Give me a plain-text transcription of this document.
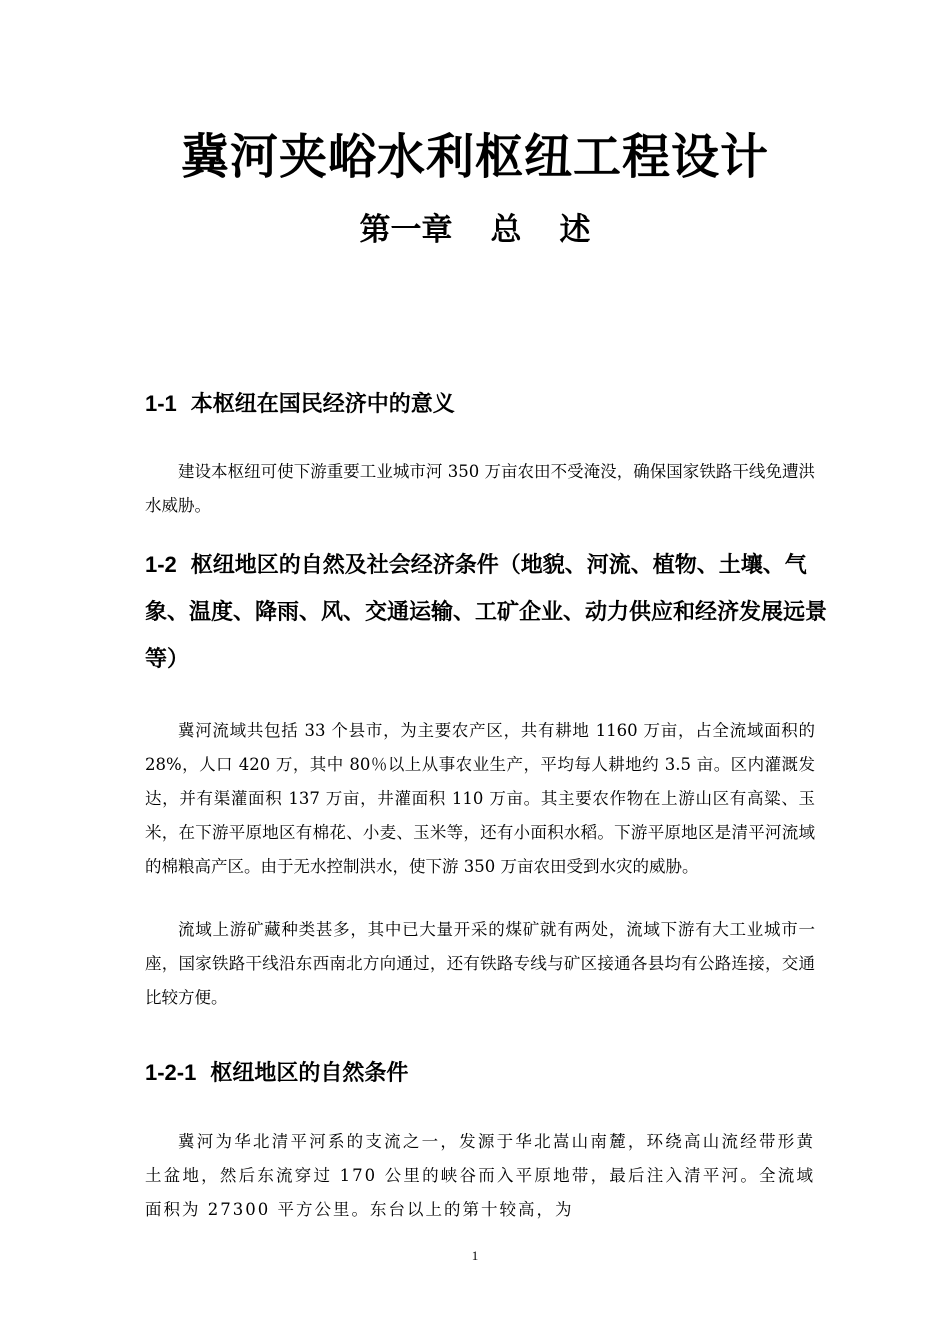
冀河夹峪水利枢纽工程设计
第一章 总 述
1-1 本枢纽在国民经济中的意义

建设本枢纽可使下游重要工业城市河 350 万亩农田不受淹没，确保国家铁路干线免遭洪水威胁。

1-2 枢纽地区的自然及社会经济条件（地貌、河流、植物、土壤、气象、温度、降雨、风、交通运输、工矿企业、动力供应和经济发展远景等）

冀河流域共包括 33 个县市，为主要农产区，共有耕地 1160 万亩，占全流域面积的 28%，人口 420 万，其中 80％以上从事农业生产，平均每人耕地约 3.5 亩。区内灌溉发达，并有渠灌面积 137 万亩，井灌面积 110 万亩。其主要农作物在上游山区有高粱、玉米，在下游平原地区有棉花、小麦、玉米等，还有小面积水稻。下游平原地区是清平河流域的棉粮高产区。由于无水控制洪水，使下游 350 万亩农田受到水灾的威胁。

流域上游矿藏种类甚多，其中已大量开采的煤矿就有两处，流域下游有大工业城市一座，国家铁路干线沿东西南北方向通过，还有铁路专线与矿区接通各县均有公路连接，交通比较方便。

1-2-1 枢纽地区的自然条件

冀河为华北清平河系的支流之一，发源于华北嵩山南麓，环绕高山流经带形黄土盆地，然后东流穿过 170 公里的峡谷而入平原地带，最后注入清平河。全流域面积为 27300 平方公里。东台以上的第十较高，为

1
